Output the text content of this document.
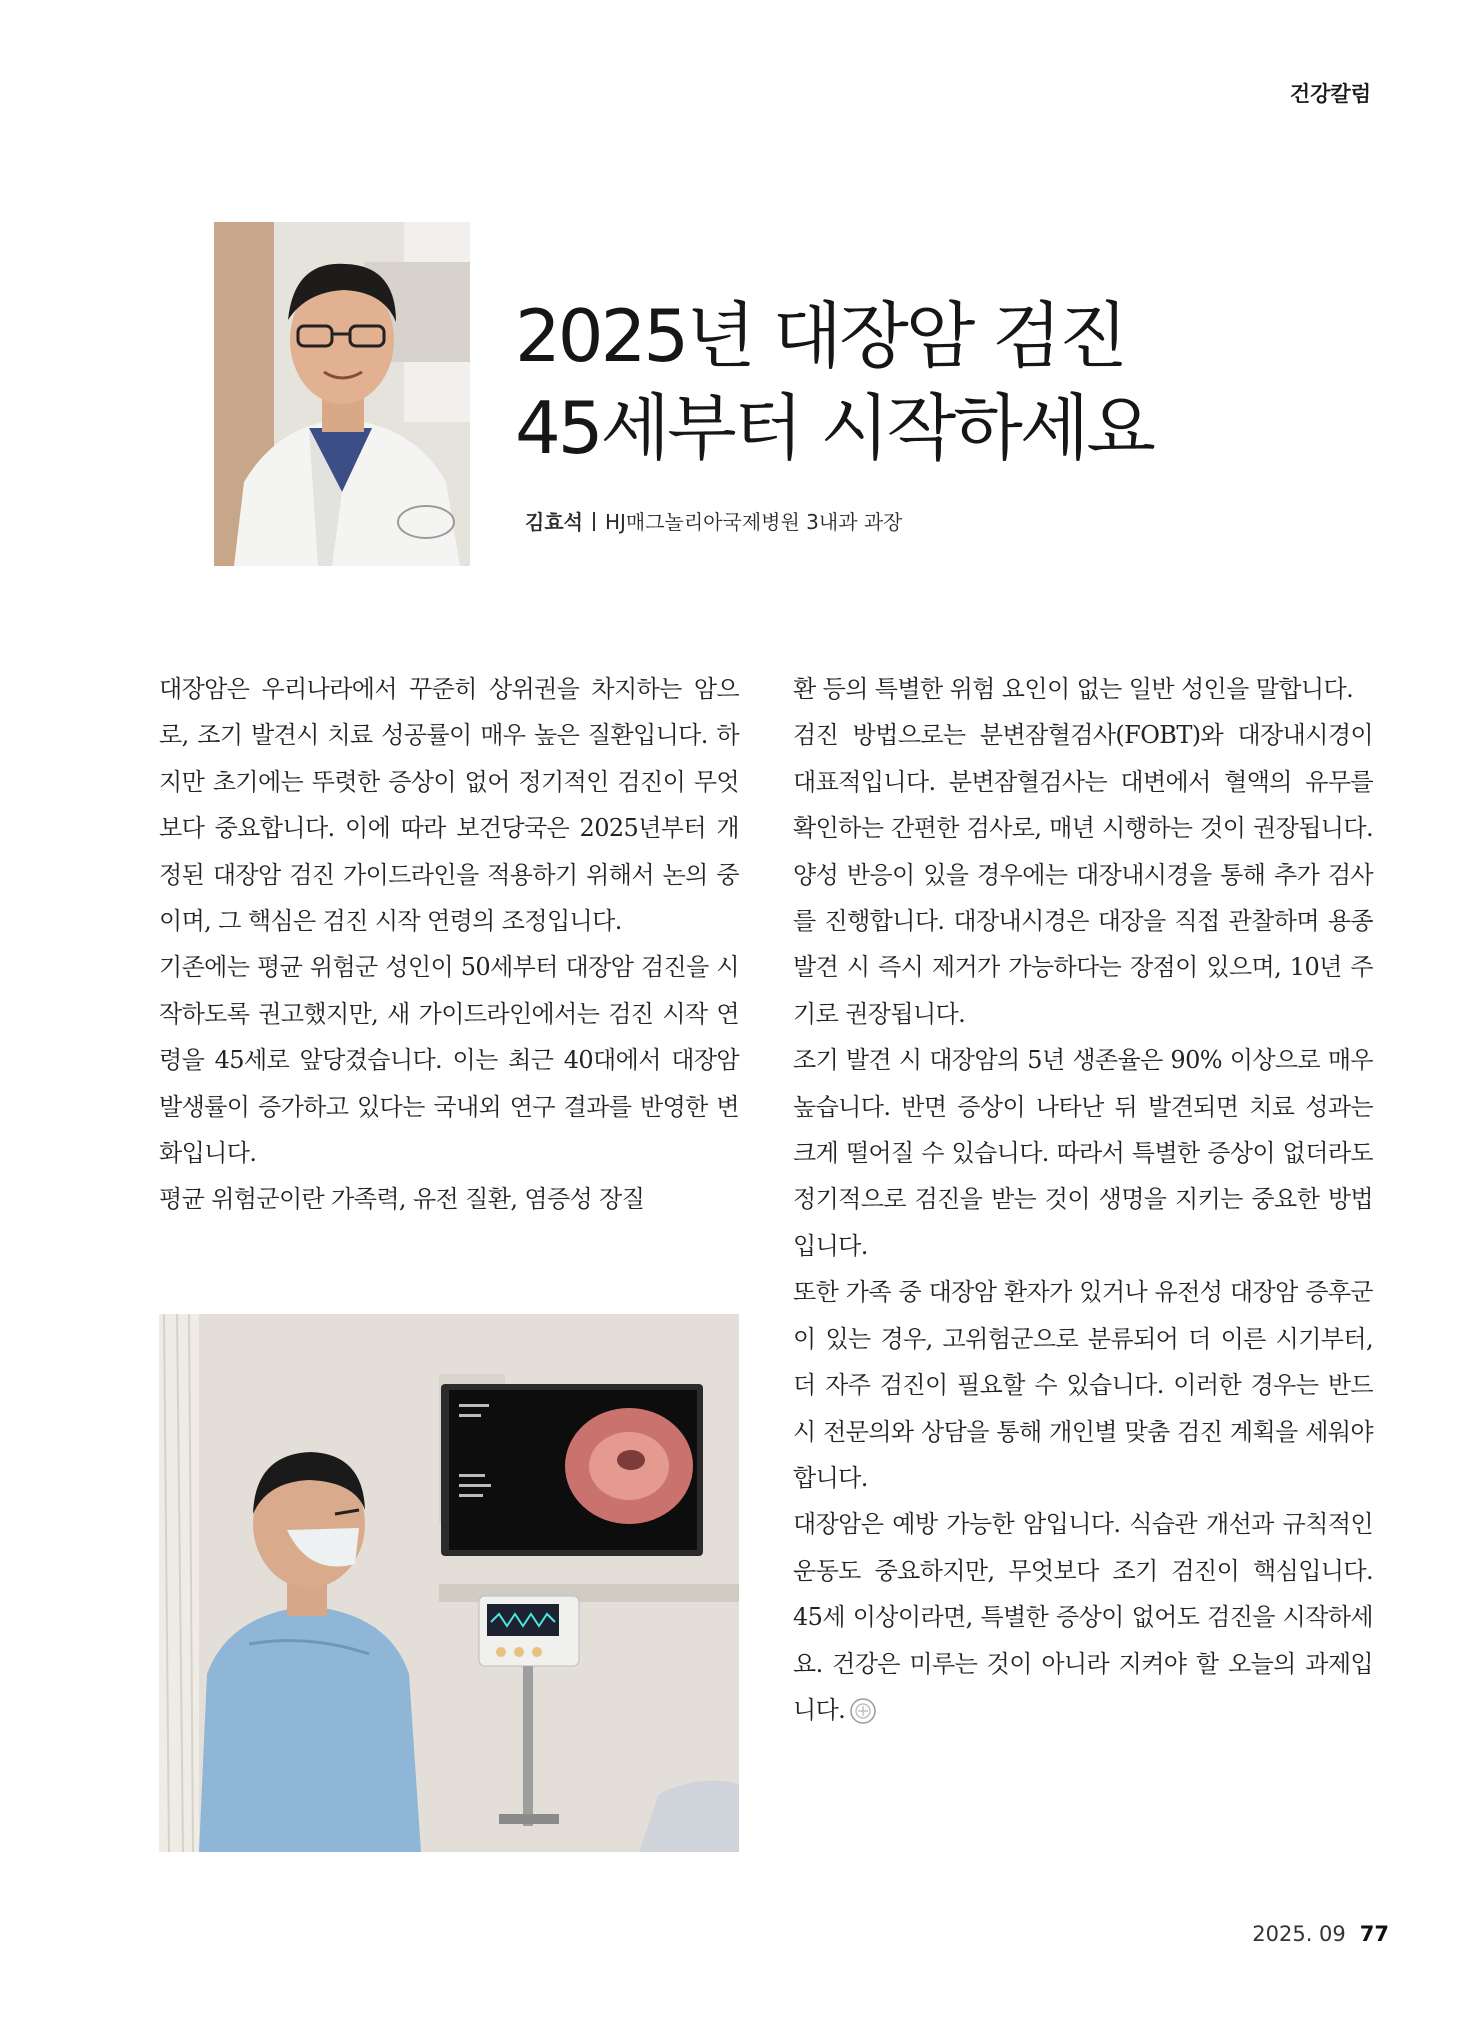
건강칼럼
2025년 대장암 검진
45세부터 시작하세요
김효석 HJ매그놀리아국제병원 3내과 과장

대장암은 우리나라에서 꾸준히 상위권을 차지하는 암으로, 조기 발견시 치료 성공률이 매우 높은 질환입니다. 하지만 초기에는 뚜렷한 증상이 없어 정기적인 검진이 무엇보다 중요합니다. 이에 따라 보건당국은 2025년부터 개정된 대장암 검진 가이드라인을 적용하기 위해서 논의 중이며, 그 핵심은 검진 시작 연령의 조정입니다.

기존에는 평균 위험군 성인이 50세부터 대장암 검진을 시작하도록 권고했지만, 새 가이드라인에서는 검진 시작 연령을 45세로 앞당겼습니다. 이는 최근 40대에서 대장암 발생률이 증가하고 있다는 국내외 연구 결과를 반영한 변화입니다.

평균 위험군이란 가족력, 유전 질환, 염증성 장질

환 등의 특별한 위험 요인이 없는 일반 성인을 말합니다.

검진 방법으로는 분변잠혈검사(FOBT)와 대장내시경이 대표적입니다. 분변잠혈검사는 대변에서 혈액의 유무를 확인하는 간편한 검사로, 매년 시행하는 것이 권장됩니다. 양성 반응이 있을 경우에는 대장내시경을 통해 추가 검사를 진행합니다. 대장내시경은 대장을 직접 관찰하며 용종 발견 시 즉시 제거가 가능하다는 장점이 있으며, 10년 주기로 권장됩니다.

조기 발견 시 대장암의 5년 생존율은 90% 이상으로 매우 높습니다. 반면 증상이 나타난 뒤 발견되면 치료 성과는 크게 떨어질 수 있습니다. 따라서 특별한 증상이 없더라도 정기적으로 검진을 받는 것이 생명을 지키는 중요한 방법입니다.

또한 가족 중 대장암 환자가 있거나 유전성 대장암 증후군이 있는 경우, 고위험군으로 분류되어 더 이른 시기부터, 더 자주 검진이 필요할 수 있습니다. 이러한 경우는 반드시 전문의와 상담을 통해 개인별 맞춤 검진 계획을 세워야 합니다.

대장암은 예방 가능한 암입니다. 식습관 개선과 규칙적인 운동도 중요하지만, 무엇보다 조기 검진이 핵심입니다. 45세 이상이라면, 특별한 증상이 없어도 검진을 시작하세요. 건강은 미루는 것이 아니라 지켜야 할 오늘의 과제입니다.

2025. 09 77
